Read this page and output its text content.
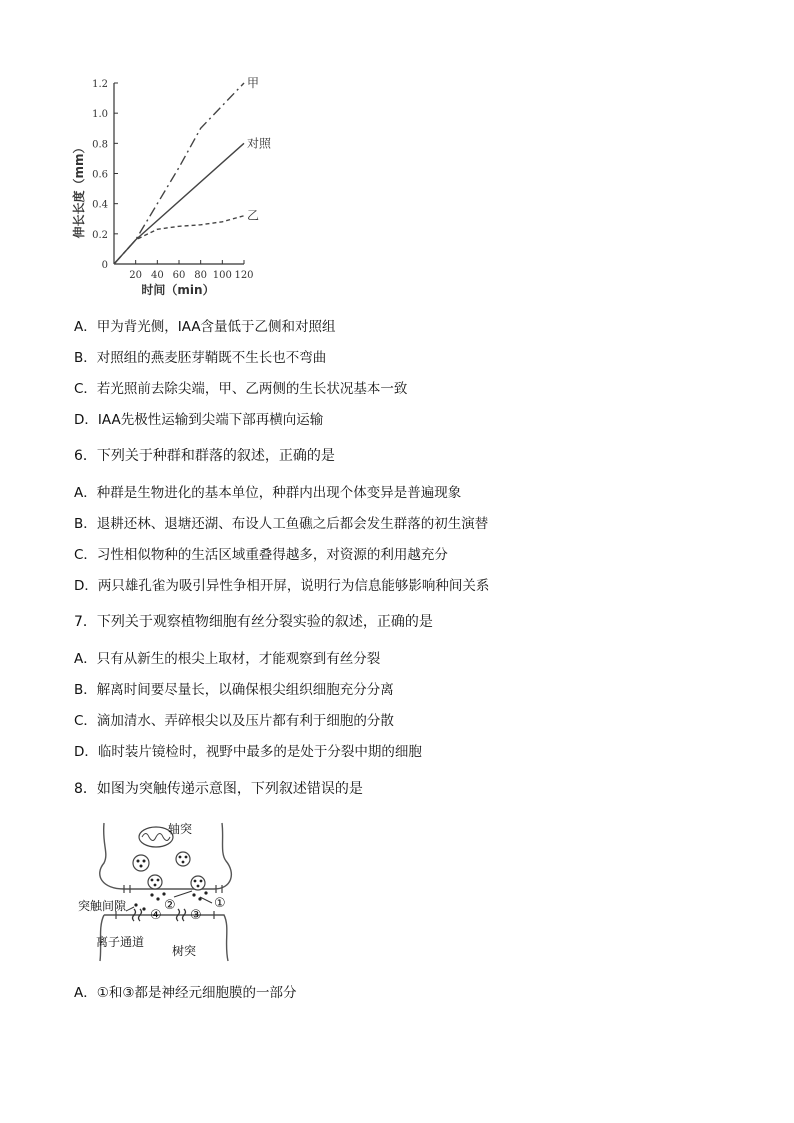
伸长长度（mm）
0
0.2
0.4
0.6
0.8
1.0
1.2
20 40 60 80 100 120
甲
对照
乙
时间（min）
A．甲为背光侧，IAA含量低于乙侧和对照组
B．对照组的燕麦胚芽鞘既不生长也不弯曲
C．若光照前去除尖端，甲、乙两侧的生长状况基本一致
D．IAA先极性运输到尖端下部再横向运输
6．下列关于种群和群落的叙述，正确的是
A．种群是生物进化的基本单位，种群内出现个体变异是普遍现象
B．退耕还林、退塘还湖、布设人工鱼礁之后都会发生群落的初生演替
C．习性相似物种的生活区域重叠得越多，对资源的利用越充分
D．两只雄孔雀为吸引异性争相开屏，说明行为信息能够影响种间关系
7．下列关于观察植物细胞有丝分裂实验的叙述，正确的是
A．只有从新生的根尖上取材，才能观察到有丝分裂
B．解离时间要尽量长，以确保根尖组织细胞充分分离
C．滴加清水、弄碎根尖以及压片都有利于细胞的分散
D．临时装片镜检时，视野中最多的是处于分裂中期的细胞
8．如图为突触传递示意图，下列叙述错误的是
①
②
③
④
轴突
突触间隙
离子通道
树突
A．①和③都是神经元细胞膜的一部分
